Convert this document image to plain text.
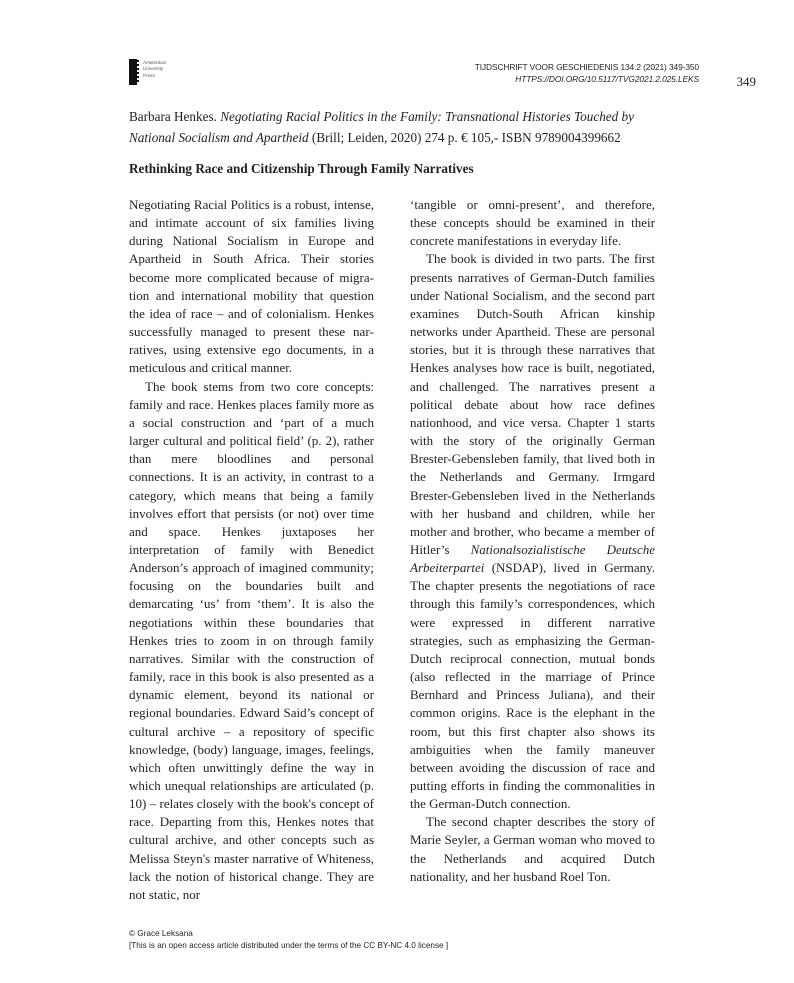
Amsterdam
University
Press
TIJDSCHRIFT VOOR GESCHIEDENIS 134.2 (2021) 349-350
HTTPS://DOI.ORG/10.5117/TVG2021.2.025.LEKS	349
Barbara Henkes. Negotiating Racial Politics in the Family: Transnational Histories Touched by National Socialism and Apartheid (Brill; Leiden, 2020) 274 p. € 105,- ISBN 9789004399662
Rethinking Race and Citizenship Through Family Narratives

Negotiating Racial Politics is a robust, intense, and intimate account of six families living during National Socialism in Europe and Apartheid in South Africa. Their stories become more complicated because of migration and international mobility that question the idea of race – and of colonialism. Henkes successfully managed to present these narratives, using extensive ego documents, in a meticulous and critical manner.

The book stems from two core concepts: family and race. Henkes places family more as a social construction and ‘part of a much larger cultural and political field’ (p. 2), rather than mere bloodlines and personal connections. It is an activity, in contrast to a category, which means that being a family involves effort that persists (or not) over time and space. Henkes juxtaposes her interpretation of family with Benedict Anderson’s approach of imagined community; focusing on the boundaries built and demarcating ‘us’ from ‘them’. It is also the negotiations within these boundaries that Henkes tries to zoom in on through family narratives. Similar with the construction of family, race in this book is also presented as a dynamic element, beyond its national or regional boundaries. Edward Said’s concept of cultural archive – a repository of specific knowledge, (body) language, images, feelings, which often unwittingly define the way in which unequal relationships are articulated (p. 10) – relates closely with the book's concept of race. Departing from this, Henkes notes that cultural archive, and other concepts such as Melissa Steyn's master narrative of Whiteness, lack the notion of historical change. They are not static, nor

‘tangible or omni-present’, and therefore, these concepts should be examined in their concrete manifestations in everyday life.

The book is divided in two parts. The first presents narratives of German-Dutch families under National Socialism, and the second part examines Dutch-South African kinship networks under Apartheid. These are personal stories, but it is through these narratives that Henkes analyses how race is built, negotiated, and challenged. The narratives present a political debate about how race defines nationhood, and vice versa. Chapter 1 starts with the story of the originally German Brester-Gebensleben family, that lived both in the Netherlands and Germany. Irmgard Brester-Gebensleben lived in the Netherlands with her husband and children, while her mother and brother, who became a member of Hitler’s Nationalsozialistische Deutsche Arbeiterpartei (NSDAP), lived in Germany. The chapter presents the negotiations of race through this family’s correspondences, which were expressed in different narrative strategies, such as emphasizing the German-Dutch reciprocal connection, mutual bonds (also reflected in the marriage of Prince Bernhard and Princess Juliana), and their common origins. Race is the elephant in the room, but this first chapter also shows its ambiguities when the family maneuver between avoiding the discussion of race and putting efforts in finding the commonalities in the German-Dutch connection.

The second chapter describes the story of Marie Seyler, a German woman who moved to the Netherlands and acquired Dutch nationality, and her husband Roel Ton.

© Grace Leksana
[This is an open access article distributed under the terms of the CC BY-NC 4.0 license ]
